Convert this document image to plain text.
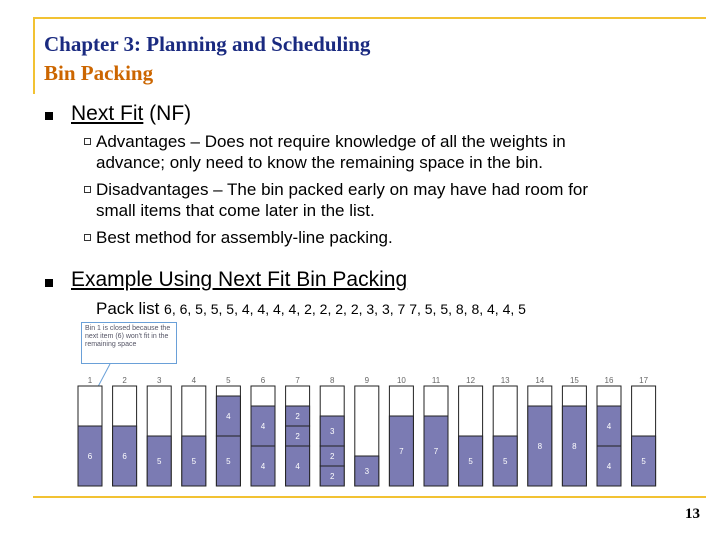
Chapter 3: Planning and Scheduling
Bin Packing
Next Fit (NF)
Advantages – Does not require knowledge of all the weights in
advance; only need to know the remaining space in the bin.
Disadvantages – The bin packed early on may have had room for
small items that come later in the list.
Best method for assembly-line packing.
Example Using Next Fit Bin Packing
Pack list 6, 6, 5, 5, 5, 4, 4, 4, 4, 2, 2, 2, 2, 3, 3, 7 7, 5, 5, 8, 8, 4, 4, 5
Bin 1 is closed because the next item (6) won't fit in the remaining space
1
6
2
6
3
5
4
5
5
5
4
6
4
4
7
4
2
2
8
2
2
3
9
3
10
7
11
7
12
5
13
5
14
8
15
8
16
4
4
17
5
13
